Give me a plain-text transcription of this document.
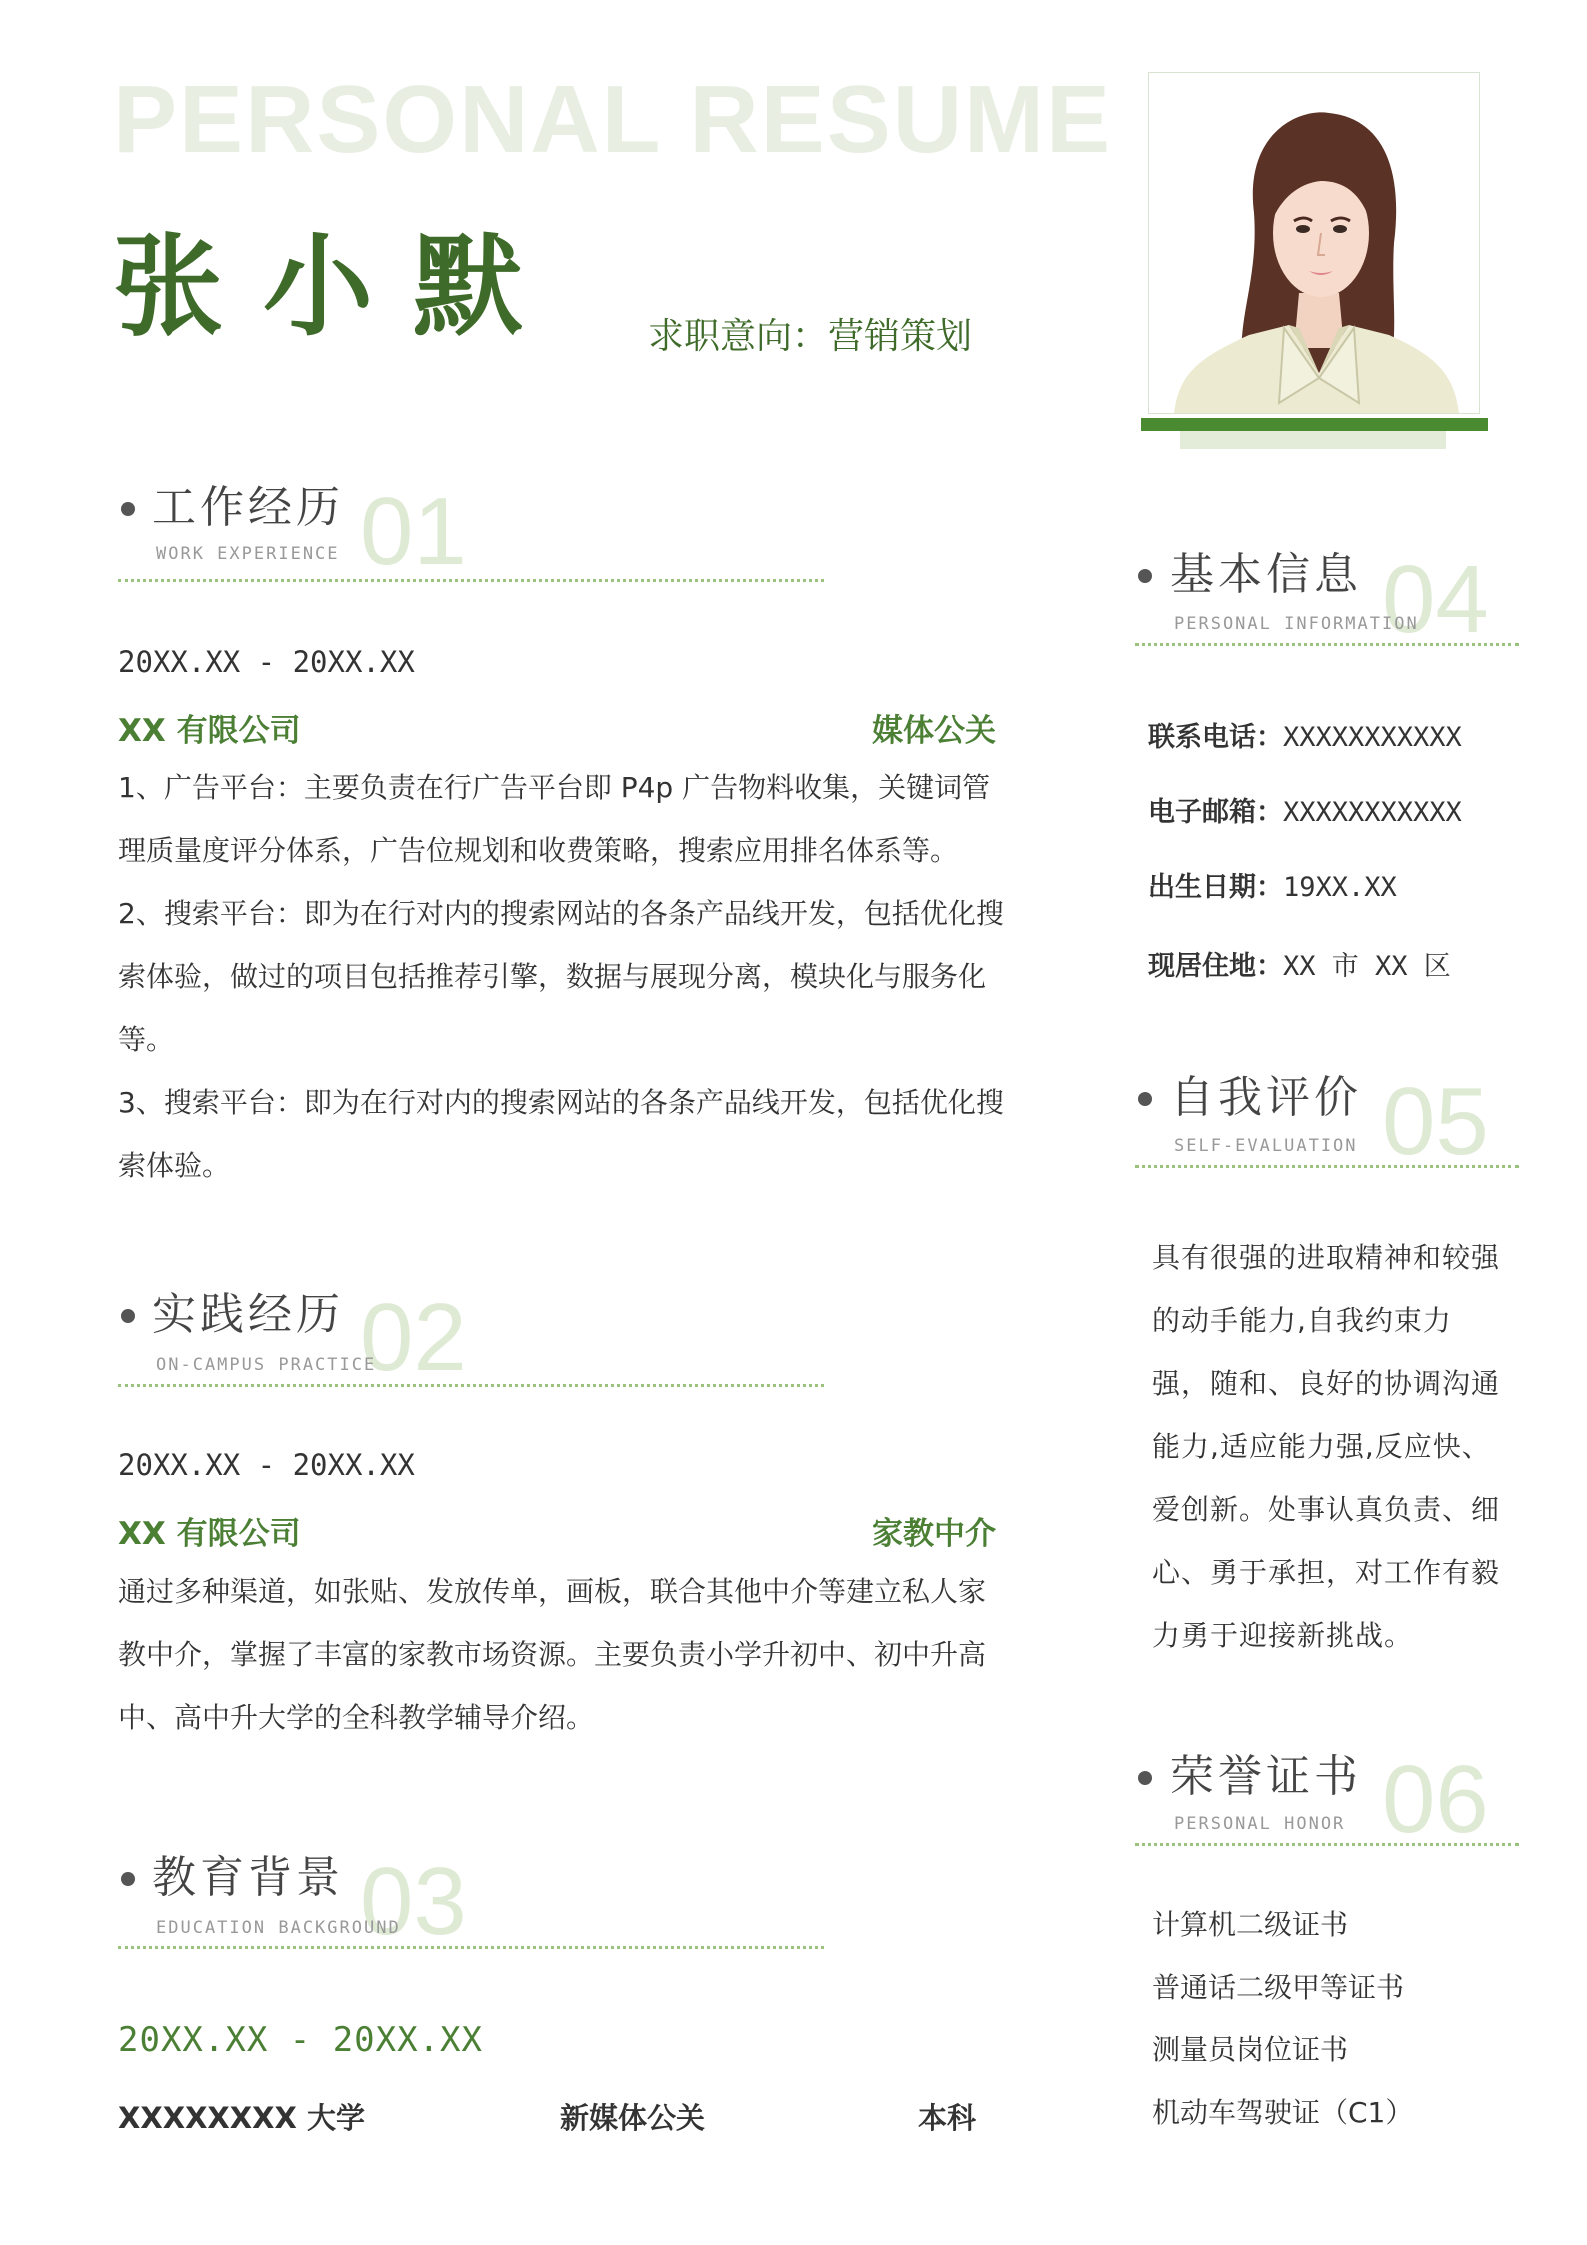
PERSONAL RESUME
张小默 求职意向：营销策划
工作经历 01
WORK EXPERIENCE
20XX.XX - 20XX.XX
XX 有限公司	媒体公关

1、广告平台：主要负责在行广告平台即 P4p 广告物料收集，关键词管理质量度评分体系，广告位规划和收费策略，搜索应用排名体系等。

2、搜索平台：即为在行对内的搜索网站的各条产品线开发，包括优化搜索体验，做过的项目包括推荐引擎，数据与展现分离，模块化与服务化等。

3、搜索平台：即为在行对内的搜索网站的各条产品线开发，包括优化搜索体验。

实践经历 02
ON-CAMPUS PRACTICE
20XX.XX - 20XX.XX
XX 有限公司	家教中介

通过多种渠道，如张贴、发放传单，画板，联合其他中介等建立私人家教中介，掌握了丰富的家教市场资源。主要负责小学升初中、初中升高中、高中升大学的全科教学辅导介绍。

教育背景 03
EDUCATION BACKGROUND
20XX.XX - 20XX.XX
XXXXXXXX 大学	新媒体公关	本科
基本信息 04
PERSONAL INFORMATION
联系电话：XXXXXXXXXXX
电子邮箱：XXXXXXXXXXX
出生日期：19XX.XX
现居住地：XX 市 XX 区
自我评价 05
SELF-EVALUATION

具有很强的进取精神和较强的动手能力,自我约束力强，随和、良好的协调沟通能力,适应能力强,反应快、爱创新。处事认真负责、细心、勇于承担，对工作有毅力勇于迎接新挑战。

荣誉证书 06
PERSONAL HONOR
计算机二级证书
普通话二级甲等证书
测量员岗位证书
机动车驾驶证（C1）
